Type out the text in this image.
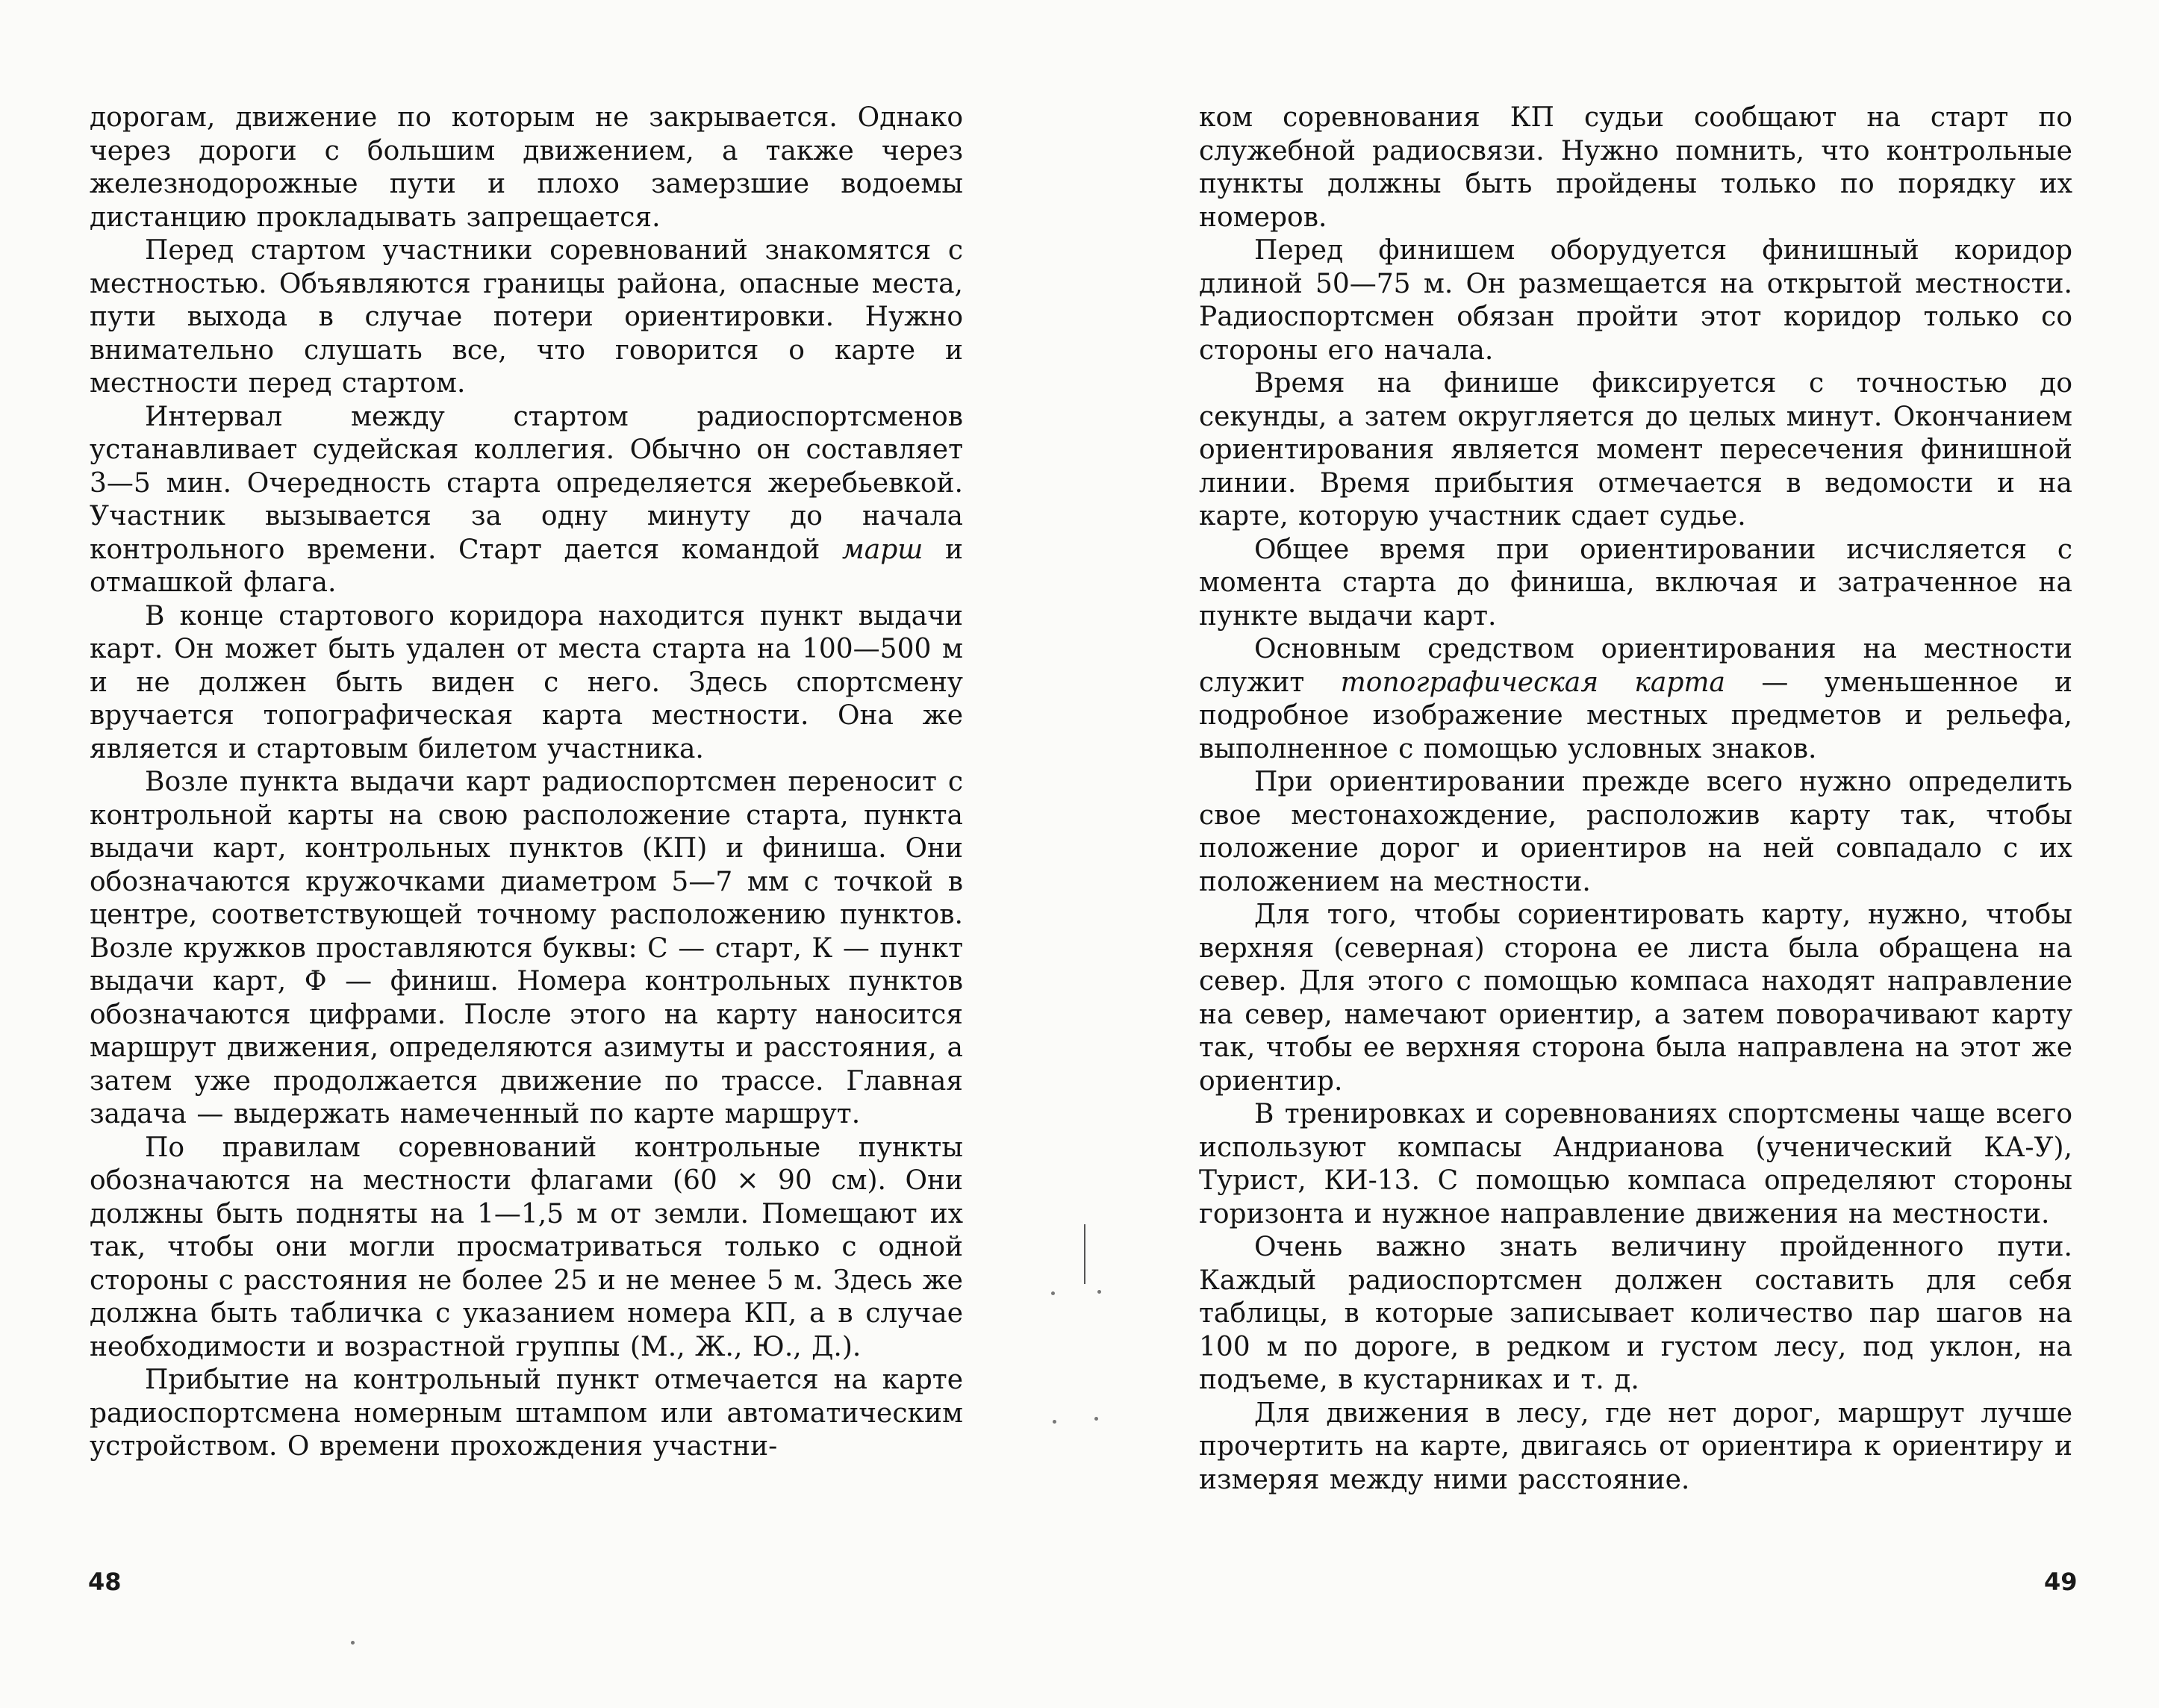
дорогам, движение по которым не закрывается. Однако через дороги с большим движением, а также через железнодорожные пути и плохо замерзшие водоемы дистанцию прокладывать запрещается.

Перед стартом участники соревнований знакомятся с местностью. Объявляются границы района, опасные места, пути выхода в случае потери ориентировки. Нужно внимательно слушать все, что говорится о карте и местности перед стартом.

Интервал между стартом радиоспортсменов устанавливает судейская коллегия. Обычно он составляет 3—5 мин. Очередность старта определяется жеребьевкой. Участник вызывается за одну минуту до начала контрольного времени. Старт дается командой марш и отмашкой флага.

В конце стартового коридора находится пункт выдачи карт. Он может быть удален от места старта на 100—500 м и не должен быть виден с него. Здесь спортсмену вручается топографическая карта местности. Она же является и стартовым билетом участника.

Возле пункта выдачи карт радиоспортсмен переносит с контрольной карты на свою расположение старта, пункта выдачи карт, контрольных пунктов (КП) и финиша. Они обозначаются кружочками диаметром 5—7 мм с точкой в центре, соответствующей точному расположению пунктов. Возле кружков проставляются буквы: С — старт, К — пункт выдачи карт, Ф — финиш. Номера контрольных пунктов обозначаются цифрами. После этого на карту наносится маршрут движения, определяются азимуты и расстояния, а затем уже продолжается движение по трассе. Главная задача — выдержать намеченный по карте маршрут.

По правилам соревнований контрольные пункты обозначаются на местности флагами (60 × 90 см). Они должны быть подняты на 1—1,5 м от земли. Помещают их так, чтобы они могли просматриваться только с одной стороны с расстояния не более 25 и не менее 5 м. Здесь же должна быть табличка с указанием номера КП, а в случае необходимости и возрастной группы (М., Ж., Ю., Д.).

Прибытие на контрольный пункт отмечается на карте радиоспортсмена номерным штампом или автоматическим устройством. О времени прохождения участни-

48

ком соревнования КП судьи сообщают на старт по служебной радиосвязи. Нужно помнить, что контрольные пункты должны быть пройдены только по порядку их номеров.

Перед финишем оборудуется финишный коридор длиной 50—75 м. Он размещается на открытой местности. Радиоспортсмен обязан пройти этот коридор только со стороны его начала.

Время на финише фиксируется с точностью до секунды, а затем округляется до целых минут. Окончанием ориентирования является момент пересечения финишной линии. Время прибытия отмечается в ведомости и на карте, которую участник сдает судье.

Общее время при ориентировании исчисляется с момента старта до финиша, включая и затраченное на пункте выдачи карт.

Основным средством ориентирования на местности служит топографическая карта — уменьшенное и подробное изображение местных предметов и рельефа, выполненное с помощью условных знаков.

При ориентировании прежде всего нужно определить свое местонахождение, расположив карту так, чтобы положение дорог и ориентиров на ней совпадало с их положением на местности.

Для того, чтобы сориентировать карту, нужно, чтобы верхняя (северная) сторона ее листа была обращена на север. Для этого с помощью компаса находят направление на север, намечают ориентир, а затем поворачивают карту так, чтобы ее верхняя сторона была направлена на этот же ориентир.

В тренировках и соревнованиях спортсмены чаще всего используют компасы Андрианова (ученический КА-У), Турист, КИ-13. С помощью компаса определяют стороны горизонта и нужное направление движения на местности.

Очень важно знать величину пройденного пути. Каждый радиоспортсмен должен составить для себя таблицы, в которые записывает количество пар шагов на 100 м по дороге, в редком и густом лесу, под уклон, на подъеме, в кустарниках и т. д.

Для движения в лесу, где нет дорог, маршрут лучше прочертить на карте, двигаясь от ориентира к ориентиру и измеряя между ними расстояние.

49
